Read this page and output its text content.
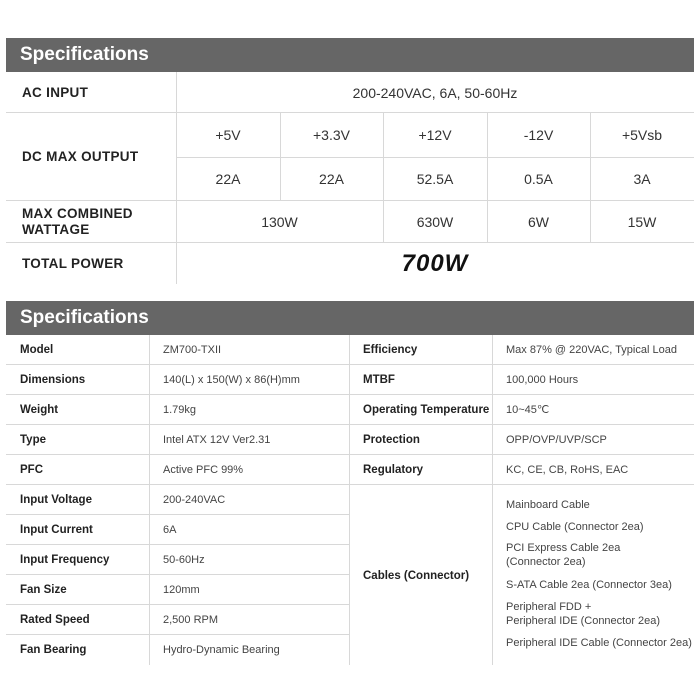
Specifications
AC INPUT	200-240VAC, 6A, 50-60Hz
DC MAX OUTPUT
+5V	+3.3V	+12V	-12V	+5Vsb
22A	22A	52.5A	0.5A	3A
MAX COMBINED
WATTAGE	130W	630W	6W	15W
TOTAL POWER	700W
Specifications
Model	ZM700-TXII	Efficiency	Max 87% @ 220VAC, Typical Load
Dimensions	140(L) x 150(W) x 86(H)mm	MTBF	100,000 Hours
Weight	1.79kg	Operating Temperature	10~45℃
Type	Intel ATX 12V Ver2.31	Protection	OPP/OVP/UVP/SCP
PFC	Active PFC 99%	Regulatory	KC, CE, CB, RoHS, EAC
Input Voltage	200-240VAC
Input Current	6A
Input Frequency	50-60Hz
Fan Size	120mm
Rated Speed	2,500 RPM
Fan Bearing	Hydro-Dynamic Bearing
Cables (Connector)
Mainboard Cable
CPU Cable (Connector 2ea)
PCI Express Cable 2ea
(Connector 2ea)
S-ATA Cable 2ea (Connector 3ea)
Peripheral FDD +
Peripheral IDE (Connector 2ea)
Peripheral IDE Cable (Connector 2ea)
